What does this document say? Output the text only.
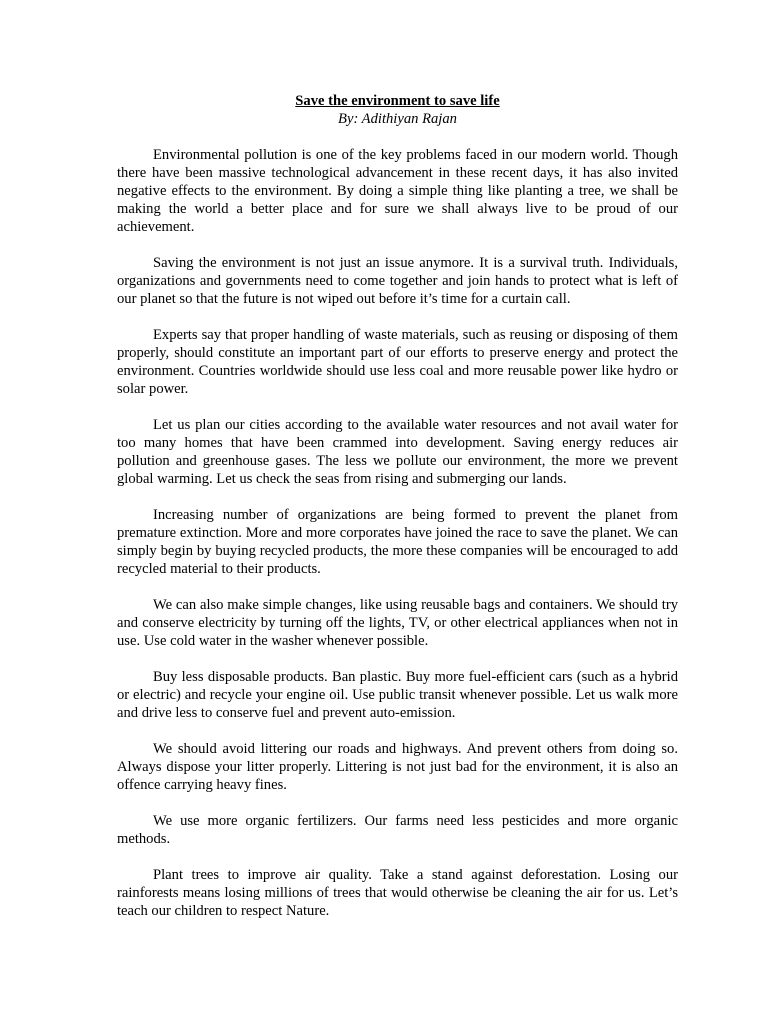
Save the environment to save life

By: Adithiyan Rajan

Environmental pollution is one of the key problems faced in our modern world. Though there have been massive technological advancement in these recent days, it has also invited negative effects to the environment. By doing a simple thing like planting a tree, we shall be making the world a better place and for sure we shall always live to be proud of our achievement.

Saving the environment is not just an issue anymore. It is a survival truth. Individuals, organizations and governments need to come together and join hands to protect what is left of our planet so that the future is not wiped out before it’s time for a curtain call.

Experts say that proper handling of waste materials, such as reusing or disposing of them properly, should constitute an important part of our efforts to preserve energy and protect the environment. Countries worldwide should use less coal and more reusable power like hydro or solar power.

Let us plan our cities according to the available water resources and not avail water for too many homes that have been crammed into development. Saving energy reduces air pollution and greenhouse gases. The less we pollute our environment, the more we prevent global warming. Let us check the seas from rising and submerging our lands.

Increasing number of organizations are being formed to prevent the planet from premature extinction. More and more corporates have joined the race to save the planet. We can simply begin by buying recycled products, the more these companies will be encouraged to add recycled material to their products.

We can also make simple changes, like using reusable bags and containers. We should try and conserve electricity by turning off the lights, TV, or other electrical appliances when not in use. Use cold water in the washer whenever possible.

Buy less disposable products. Ban plastic. Buy more fuel-efficient cars (such as a hybrid or electric) and recycle your engine oil. Use public transit whenever possible. Let us walk more and drive less to conserve fuel and prevent auto-emission.

We should avoid littering our roads and highways. And prevent others from doing so. Always dispose your litter properly. Littering is not just bad for the environment, it is also an offence carrying heavy fines.

We use more organic fertilizers. Our farms need less pesticides and more organic methods.

Plant trees to improve air quality. Take a stand against deforestation. Losing our rainforests means losing millions of trees that would otherwise be cleaning the air for us. Let’s teach our children to respect Nature.
